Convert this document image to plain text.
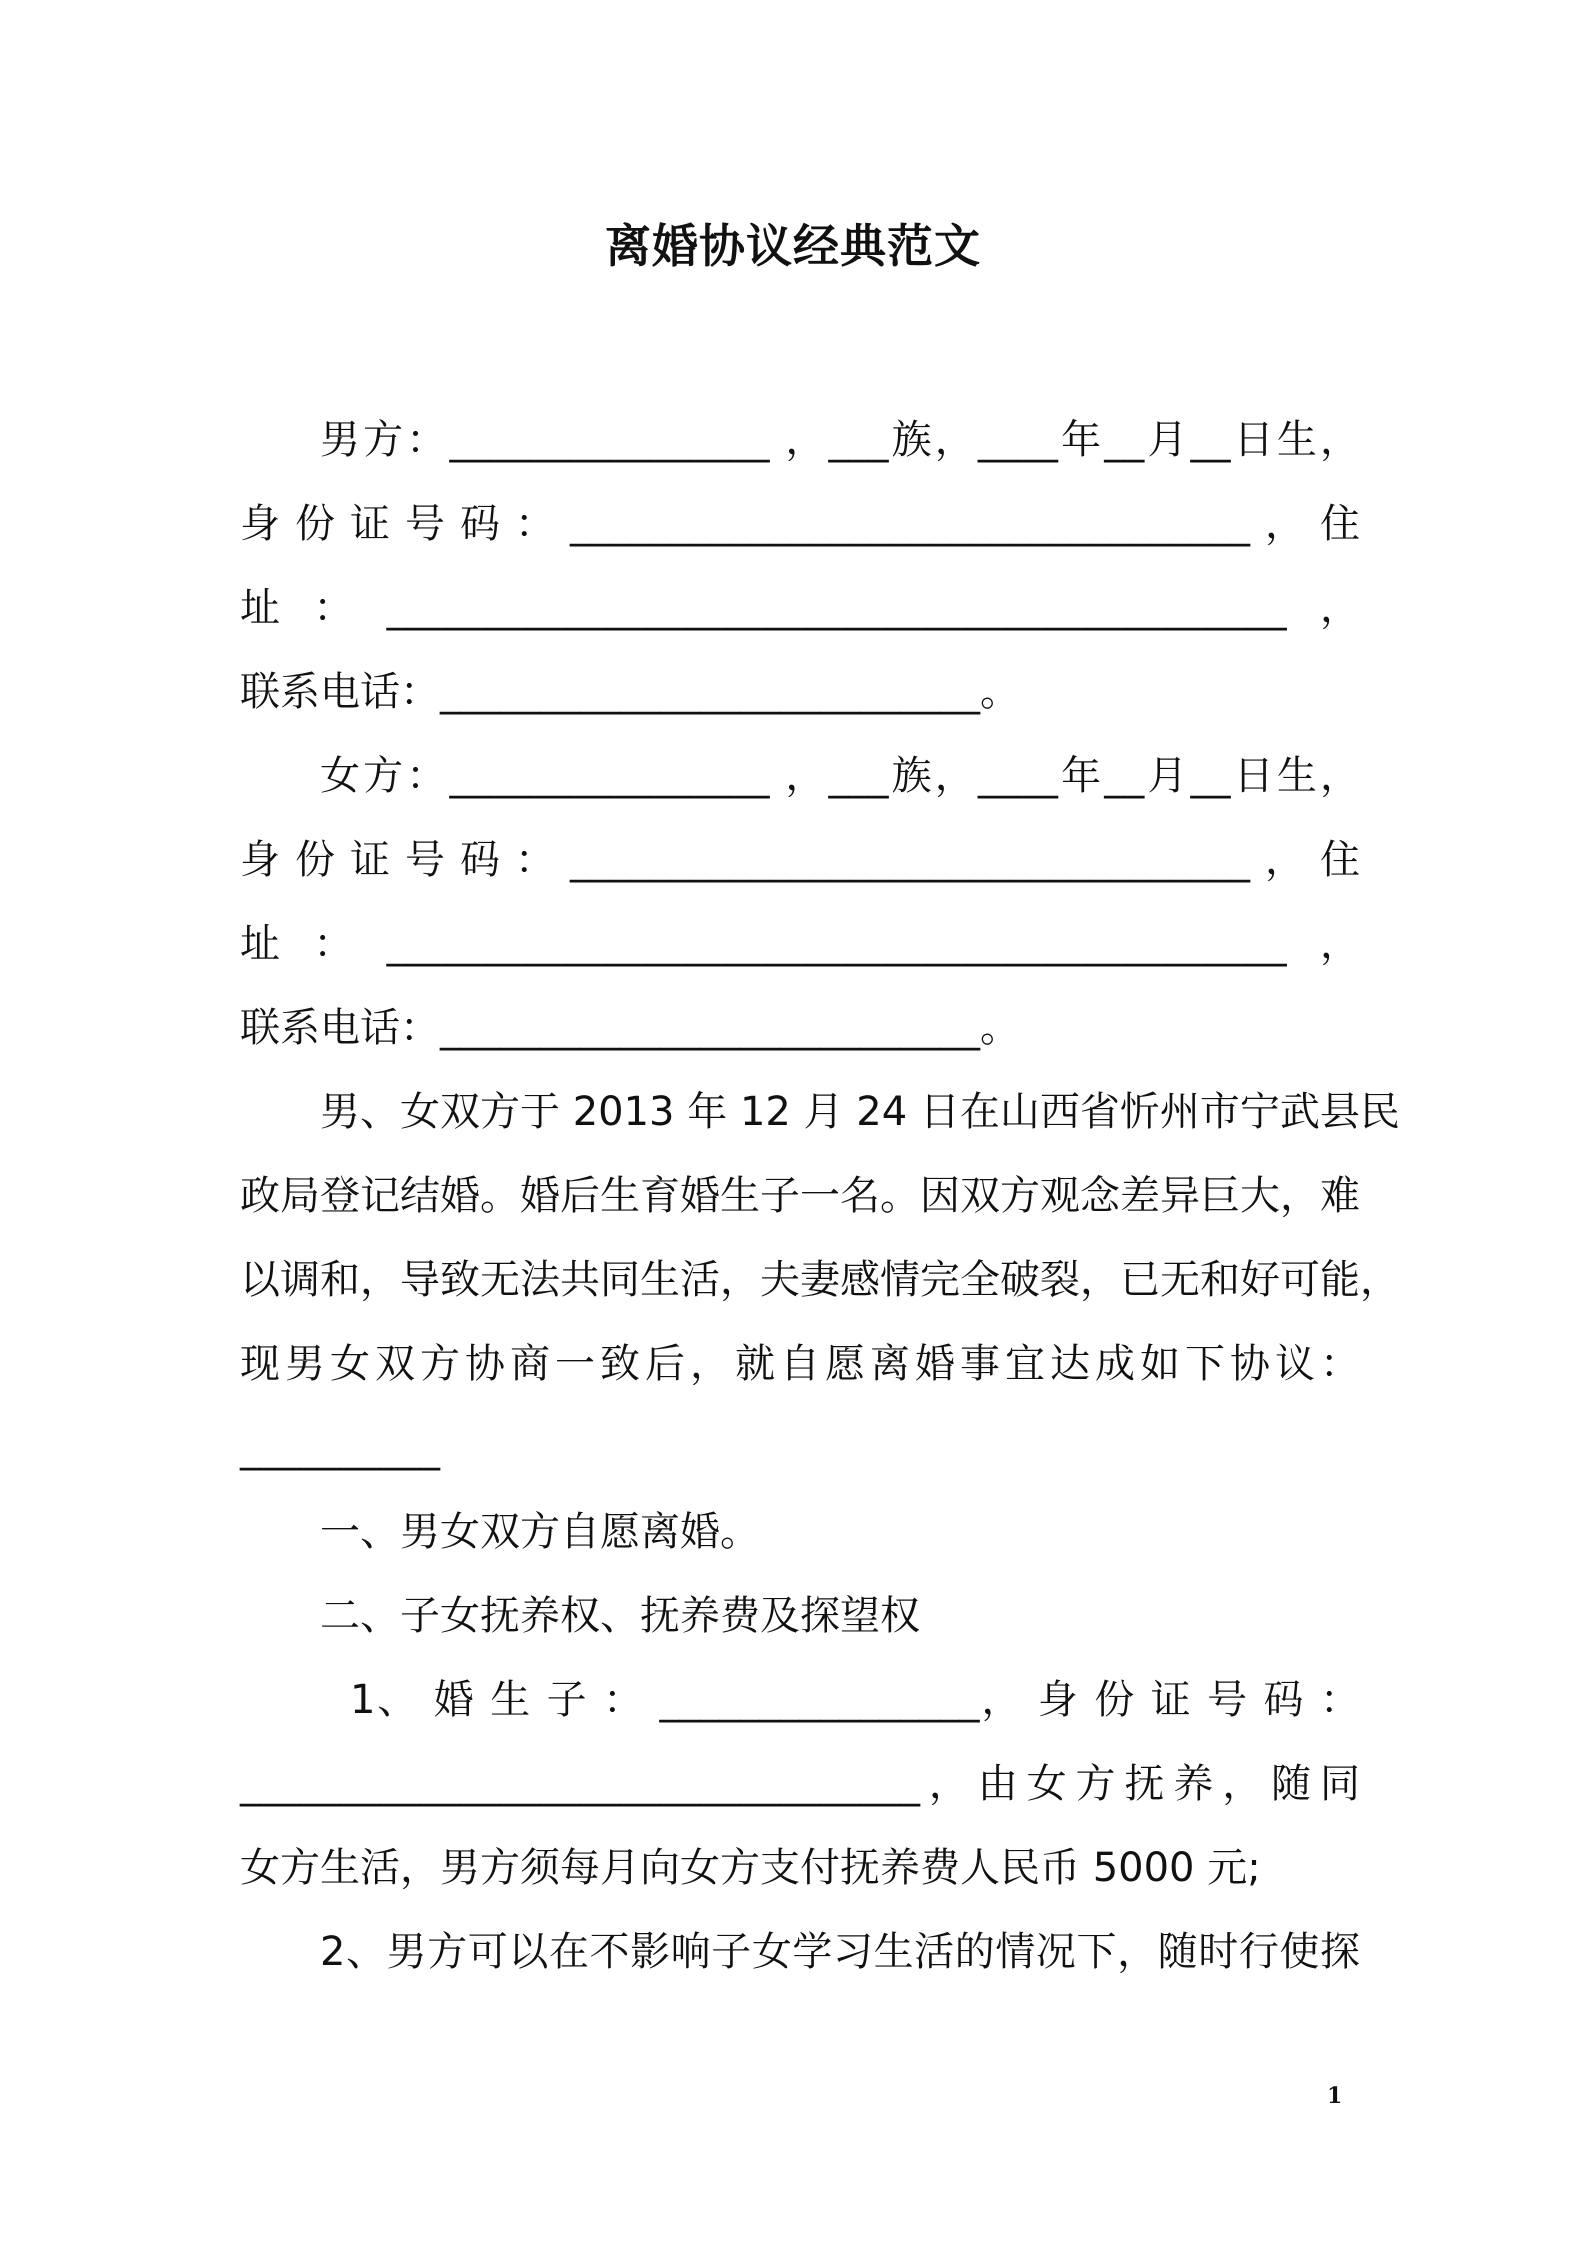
离婚协议经典范文
男方：________________ ，___族，____年__月__日生，
身份证号码：__________________________________，住
址：_____________________________________________，
联系电话：___________________________。
女方：________________ ，___族，____年__月__日生，
身份证号码：__________________________________，住
址：_____________________________________________，
联系电话：___________________________。
男、女双方于 2013 年 12 月 24 日在山西省忻州市宁武县民
政局登记结婚。婚后生育婚生子一名。因双方观念差异巨大，难
以调和，导致无法共同生活，夫妻感情完全破裂，已无和好可能，
现男女双方协商一致后，就自愿离婚事宜达成如下协议：
__________
一、男女双方自愿离婚。
二、子女抚养权、抚养费及探望权
1、 婚 生 子 ： ________________， 身 份 证 号 码 ：
__________________________________，由女方抚养，随同
女方生活，男方须每月向女方支付抚养费人民币 5000 元;
2、男方可以在不影响子女学习生活的情况下，随时行使探
1
